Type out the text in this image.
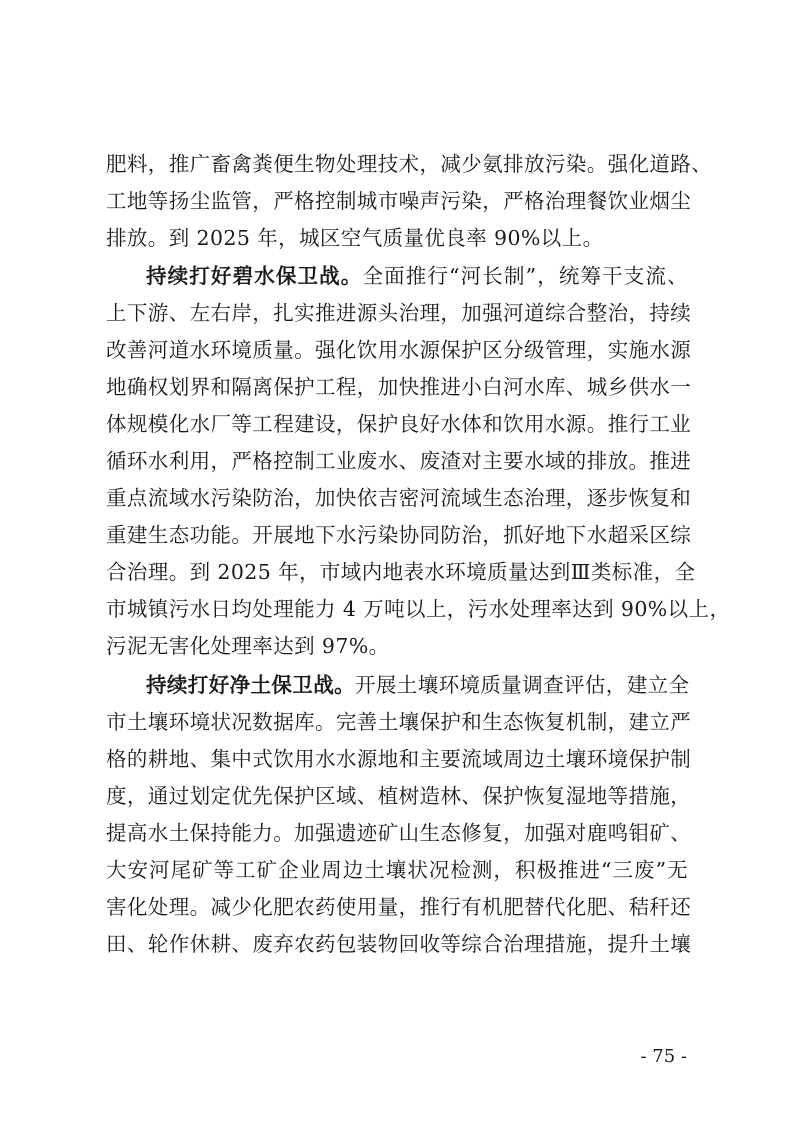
肥料，推广畜禽粪便生物处理技术，减少氨排放污染。强化道路、
工地等扬尘监管，严格控制城市噪声污染，严格治理餐饮业烟尘
排放。到 2025 年，城区空气质量优良率 90%以上。
持续打好碧水保卫战。全面推行“河长制”，统筹干支流、
上下游、左右岸，扎实推进源头治理，加强河道综合整治，持续
改善河道水环境质量。强化饮用水源保护区分级管理，实施水源
地确权划界和隔离保护工程，加快推进小白河水库、城乡供水一
体规模化水厂等工程建设，保护良好水体和饮用水源。推行工业
循环水利用，严格控制工业废水、废渣对主要水域的排放。推进
重点流域水污染防治，加快依吉密河流域生态治理，逐步恢复和
重建生态功能。开展地下水污染协同防治，抓好地下水超采区综
合治理。到 2025 年，市域内地表水环境质量达到Ⅲ类标准，全
市城镇污水日均处理能力 4 万吨以上，污水处理率达到 90%以上，
污泥无害化处理率达到 97%。
持续打好净土保卫战。开展土壤环境质量调查评估，建立全
市土壤环境状况数据库。完善土壤保护和生态恢复机制，建立严
格的耕地、集中式饮用水水源地和主要流域周边土壤环境保护制
度，通过划定优先保护区域、植树造林、保护恢复湿地等措施，
提高水土保持能力。加强遗迹矿山生态修复，加强对鹿鸣钼矿、
大安河尾矿等工矿企业周边土壤状况检测，积极推进“三废”无
害化处理。减少化肥农药使用量，推行有机肥替代化肥、秸秆还
田、轮作休耕、废弃农药包装物回收等综合治理措施，提升土壤
- 75 -
